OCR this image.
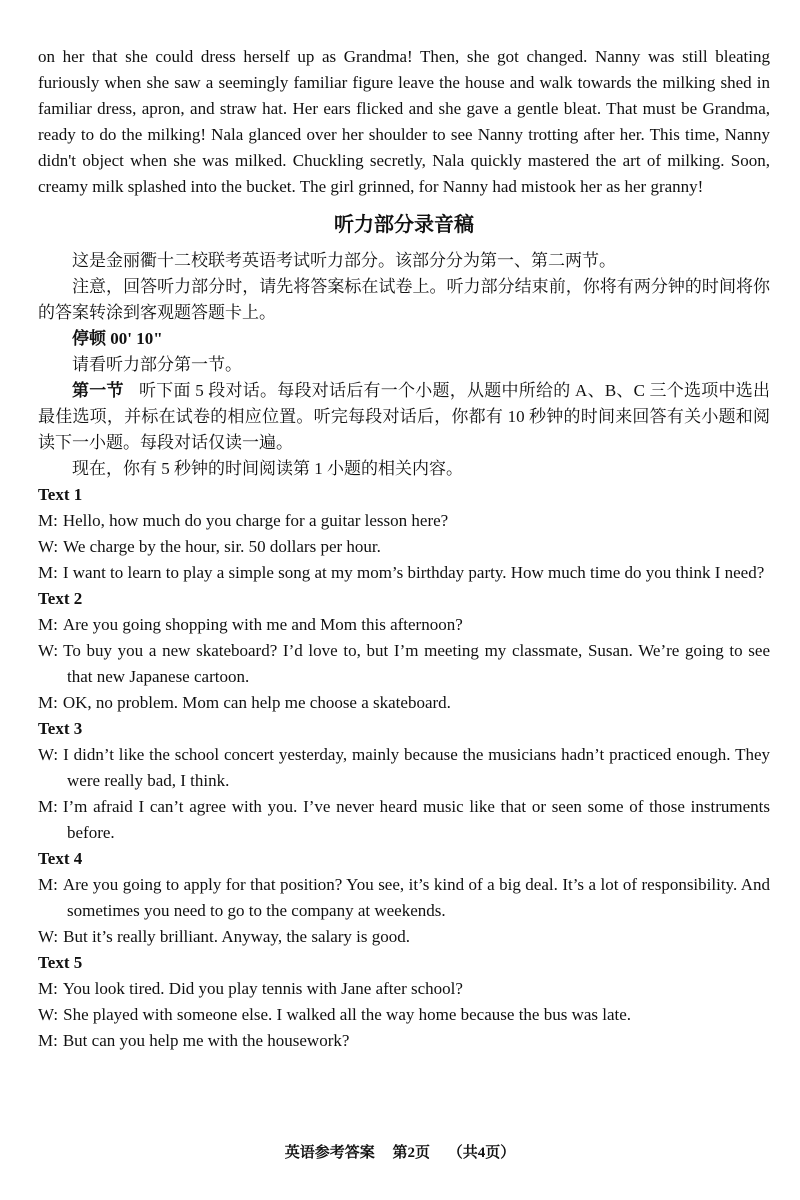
on her that she could dress herself up as Grandma! Then, she got changed. Nanny was still bleating furiously when she saw a seemingly familiar figure leave the house and walk towards the milking shed in familiar dress, apron, and straw hat. Her ears flicked and she gave a gentle bleat. That must be Grandma, ready to do the milking! Nala glanced over her shoulder to see Nanny trotting after her. This time, Nanny didn't object when she was milked. Chuckling secretly, Nala quickly mastered the art of milking. Soon, creamy milk splashed into the bucket. The girl grinned, for Nanny had mistook her as her granny!

听力部分录音稿

这是金丽衢十二校联考英语考试听力部分。该部分分为第一、第二两节。

注意，回答听力部分时，请先将答案标在试卷上。听力部分结束前，你将有两分钟的时间将你的答案转涂到客观题答题卡上。

停顿 00' 10"

请看听力部分第一节。

第一节 听下面 5 段对话。每段对话后有一个小题，从题中所给的 A、B、C 三个选项中选出最佳选项，并标在试卷的相应位置。听完每段对话后，你都有 10 秒钟的时间来回答有关小题和阅读下一小题。每段对话仅读一遍。

现在，你有 5 秒钟的时间阅读第 1 小题的相关内容。

Text 1

M: Hello, how much do you charge for a guitar lesson here?

W: We charge by the hour, sir. 50 dollars per hour.

M: I want to learn to play a simple song at my mom’s birthday party. How much time do you think I need?

Text 2

M: Are you going shopping with me and Mom this afternoon?

W: To buy you a new skateboard? I’d love to, but I’m meeting my classmate, Susan. We’re going to see that new Japanese cartoon.

M: OK, no problem. Mom can help me choose a skateboard.

Text 3

W: I didn’t like the school concert yesterday, mainly because the musicians hadn’t practiced enough. They were really bad, I think.

M: I’m afraid I can’t agree with you. I’ve never heard music like that or seen some of those instruments before.

Text 4

M: Are you going to apply for that position? You see, it’s kind of a big deal. It’s a lot of responsibility. And sometimes you need to go to the company at weekends.

W: But it’s really brilliant. Anyway, the salary is good.

Text 5

M: You look tired. Did you play tennis with Jane after school?

W: She played with someone else. I walked all the way home because the bus was late.

M: But can you help me with the housework?

英语参考答案 第2页 （共4页）
